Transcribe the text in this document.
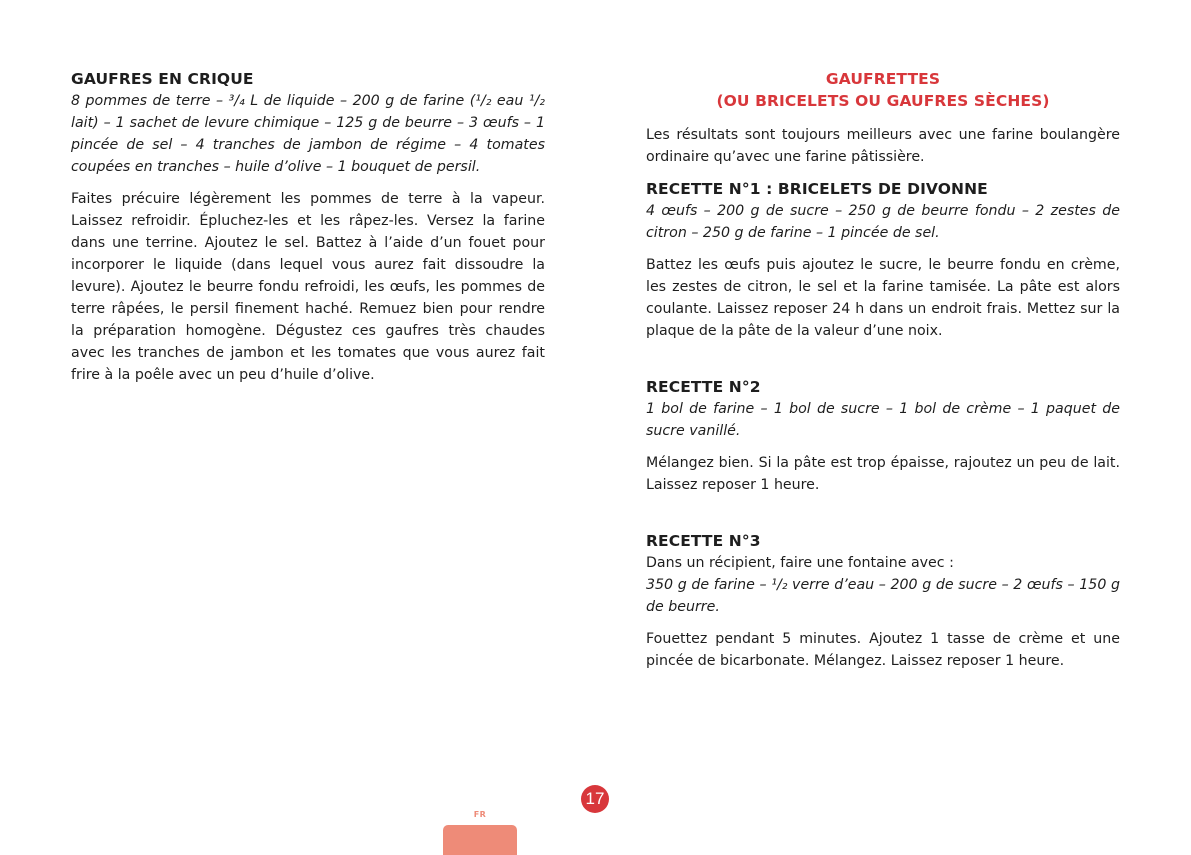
GAUFRES EN CRIQUE

8 pommes de terre – ³/₄ L de liquide – 200 g de farine (¹/₂ eau ¹/₂ lait) – 1 sachet de levure chimique – 125 g de beurre – 3 œufs – 1 pincée de sel – 4 tranches de jambon de régime – 4 tomates coupées en tranches – huile d’olive – 1 bouquet de persil.

Faites précuire légèrement les pommes de terre à la vapeur. Laissez refroidir. Épluchez-les et les râpez-les. Versez la farine dans une terrine. Ajoutez le sel. Battez à l’aide d’un fouet pour incorporer le liquide (dans lequel vous aurez fait dissoudre la levure). Ajoutez le beurre fondu refroidi, les œufs, les pommes de terre râpées, le persil finement haché. Remuez bien pour rendre la préparation homogène. Dégustez ces gaufres très chaudes avec les tranches de jambon et les tomates que vous aurez fait frire à la poêle avec un peu d’huile d’olive.

GAUFRETTES
(OU BRICELETS OU GAUFRES SÈCHES)

Les résultats sont toujours meilleurs avec une farine boulangère ordinaire qu’avec une farine pâtissière.

RECETTE N°1 : BRICELETS DE DIVONNE

4 œufs – 200 g de sucre – 250 g de beurre fondu – 2 zestes de citron – 250 g de farine – 1 pincée de sel.

Battez les œufs puis ajoutez le sucre, le beurre fondu en crème, les zestes de citron, le sel et la farine tamisée. La pâte est alors coulante. Laissez reposer 24 h dans un endroit frais. Mettez sur la plaque de la pâte de la valeur d’une noix.

RECETTE N°2

1 bol de farine – 1 bol de sucre – 1 bol de crème – 1 paquet de sucre vanillé.

Mélangez bien. Si la pâte est trop épaisse, rajoutez un peu de lait. Laissez reposer 1 heure.

RECETTE N°3

Dans un récipient, faire une fontaine avec :

350 g de farine – ¹/₂ verre d’eau – 200 g de sucre – 2 œufs – 150 g de beurre.

Fouettez pendant 5 minutes. Ajoutez 1 tasse de crème et une pincée de bicarbonate. Mélangez. Laissez reposer 1 heure.

17
FR
